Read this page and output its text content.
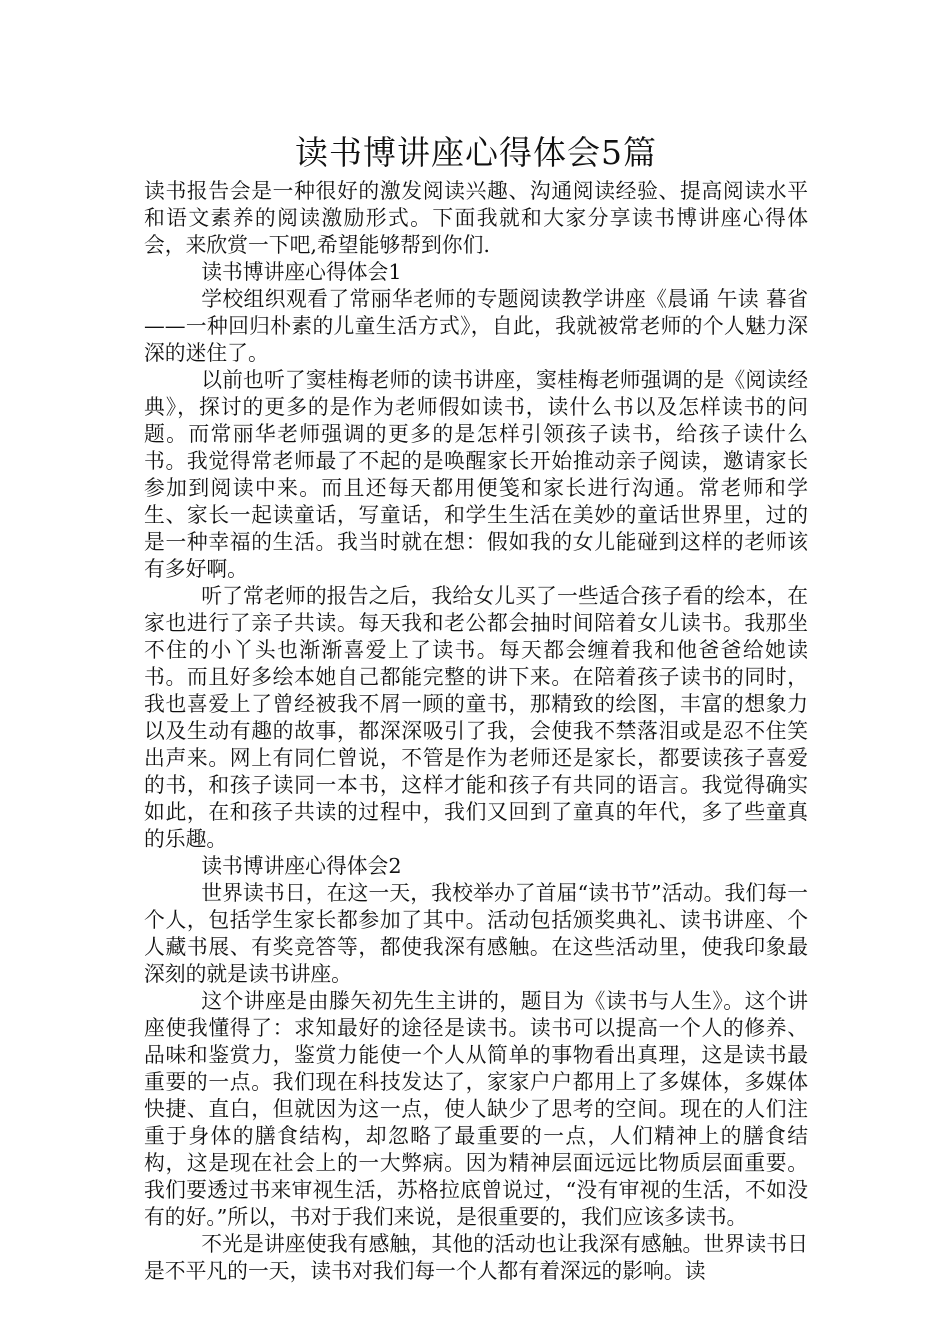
读书博讲座心得体会5篇

读书报告会是一种很好的激发阅读兴趣、沟通阅读经验、提高阅读水平和语文素养的阅读激励形式。下面我就和大家分享读书博讲座心得体会，来欣赏一下吧,希望能够帮到你们.

读书博讲座心得体会1

学校组织观看了常丽华老师的专题阅读教学讲座《晨诵 午读 暮省——一种回归朴素的儿童生活方式》，自此，我就被常老师的个人魅力深深的迷住了。

以前也听了窦桂梅老师的读书讲座，窦桂梅老师强调的是《阅读经典》，探讨的更多的是作为老师假如读书，读什么书以及怎样读书的问题。而常丽华老师强调的更多的是怎样引领孩子读书，给孩子读什么书。我觉得常老师最了不起的是唤醒家长开始推动亲子阅读，邀请家长参加到阅读中来。而且还每天都用便笺和家长进行沟通。常老师和学生、家长一起读童话，写童话，和学生生活在美妙的童话世界里，过的是一种幸福的生活。我当时就在想：假如我的女儿能碰到这样的老师该有多好啊。

听了常老师的报告之后，我给女儿买了一些适合孩子看的绘本，在家也进行了亲子共读。每天我和老公都会抽时间陪着女儿读书。我那坐不住的小丫头也渐渐喜爱上了读书。每天都会缠着我和他爸爸给她读书。而且好多绘本她自己都能完整的讲下来。在陪着孩子读书的同时，我也喜爱上了曾经被我不屑一顾的童书，那精致的绘图，丰富的想象力以及生动有趣的故事，都深深吸引了我，会使我不禁落泪或是忍不住笑出声来。网上有同仁曾说，不管是作为老师还是家长，都要读孩子喜爱的书，和孩子读同一本书，这样才能和孩子有共同的语言。我觉得确实如此，在和孩子共读的过程中，我们又回到了童真的年代，多了些童真的乐趣。

读书博讲座心得体会2

世界读书日，在这一天，我校举办了首届“读书节”活动。我们每一个人，包括学生家长都参加了其中。活动包括颁奖典礼、读书讲座、个人藏书展、有奖竞答等，都使我深有感触。在这些活动里，使我印象最深刻的就是读书讲座。

这个讲座是由滕矢初先生主讲的，题目为《读书与人生》。这个讲座使我懂得了：求知最好的途径是读书。读书可以提高一个人的修养、品味和鉴赏力，鉴赏力能使一个人从简单的事物看出真理，这是读书最重要的一点。我们现在科技发达了，家家户户都用上了多媒体，多媒体快捷、直白，但就因为这一点，使人缺少了思考的空间。现在的人们注重于身体的膳食结构，却忽略了最重要的一点，人们精神上的膳食结构，这是现在社会上的一大弊病。因为精神层面远远比物质层面重要。我们要透过书来审视生活，苏格拉底曾说过，“没有审视的生活，不如没有的好。”所以，书对于我们来说，是很重要的，我们应该多读书。

不光是讲座使我有感触，其他的活动也让我深有感触。世界读书日是不平凡的一天，读书对我们每一个人都有着深远的影响。读
